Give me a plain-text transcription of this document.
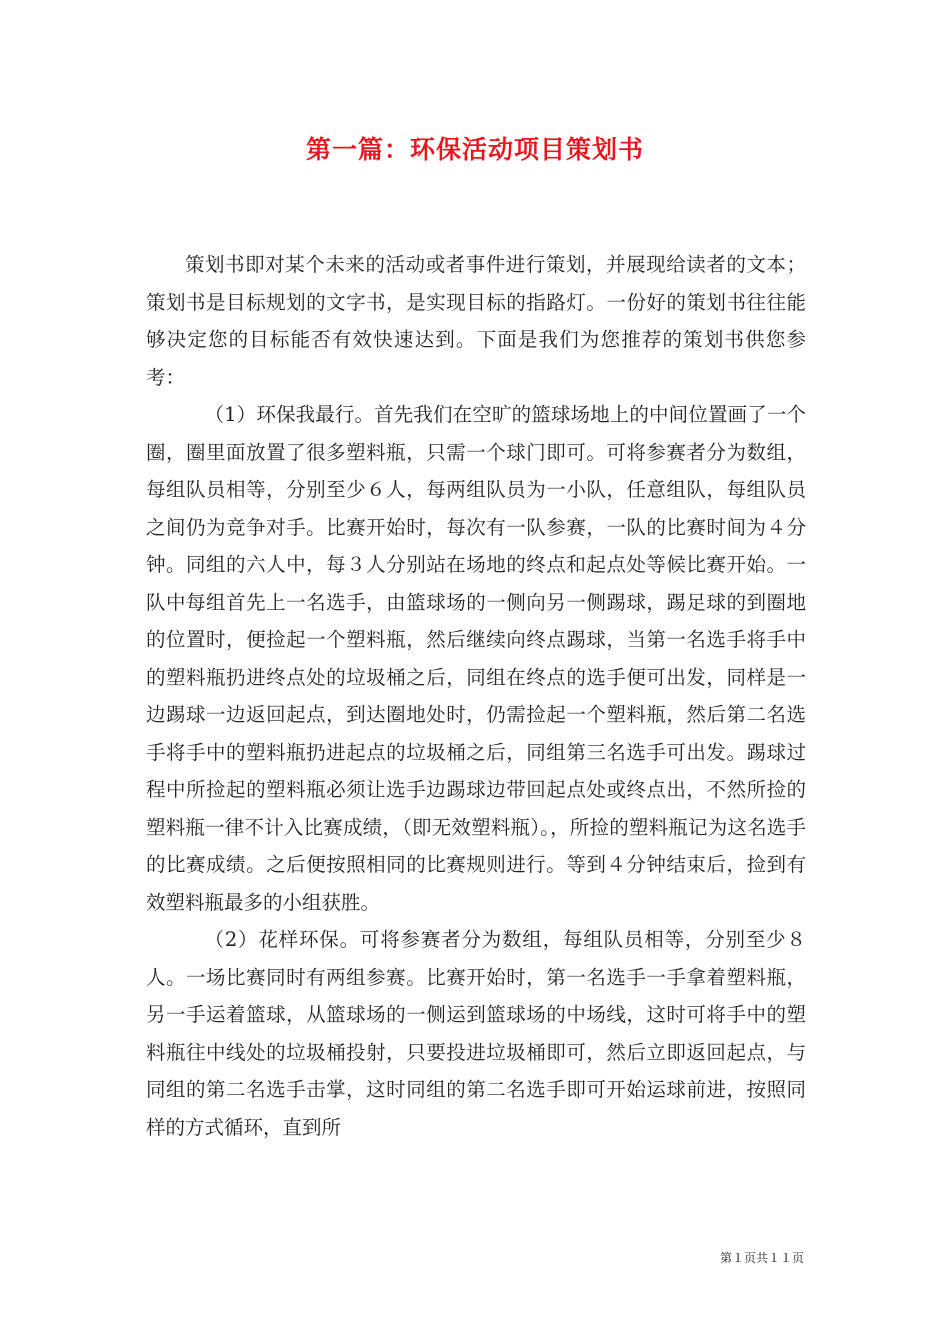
第一篇：环保活动项目策划书

策划书即对某个未来的活动或者事件进行策划，并展现给读者的文本；策划书是目标规划的文字书，是实现目标的指路灯。一份好的策划书往往能够决定您的目标能否有效快速达到。下面是我们为您推荐的策划书供您参考：

（1）环保我最行。首先我们在空旷的篮球场地上的中间位置画了一个圈，圈里面放置了很多塑料瓶，只需一个球门即可。可将参赛者分为数组，每组队员相等，分别至少６人，每两组队员为一小队，任意组队，每组队员之间仍为竞争对手。比赛开始时，每次有一队参赛，一队的比赛时间为４分钟。同组的六人中，每３人分别站在场地的终点和起点处等候比赛开始。一队中每组首先上一名选手，由篮球场的一侧向另一侧踢球，踢足球的到圈地的位置时，便捡起一个塑料瓶，然后继续向终点踢球，当第一名选手将手中的塑料瓶扔进终点处的垃圾桶之后，同组在终点的选手便可出发，同样是一边踢球一边返回起点，到达圈地处时，仍需捡起一个塑料瓶，然后第二名选手将手中的塑料瓶扔进起点的垃圾桶之后，同组第三名选手可出发。踢球过程中所捡起的塑料瓶必须让选手边踢球边带回起点处或终点出，不然所捡的塑料瓶一律不计入比赛成绩，（即无效塑料瓶）。，所捡的塑料瓶记为这名选手的比赛成绩。之后便按照相同的比赛规则进行。等到４分钟结束后，捡到有效塑料瓶最多的小组获胜。

（2）花样环保。可将参赛者分为数组，每组队员相等，分别至少８人。一场比赛同时有两组参赛。比赛开始时，第一名选手一手拿着塑料瓶，另一手运着篮球，从篮球场的一侧运到篮球场的中场线，这时可将手中的塑料瓶往中线处的垃圾桶投射，只要投进垃圾桶即可，然后立即返回起点，与同组的第二名选手击掌，这时同组的第二名选手即可开始运球前进，按照同样的方式循环，直到所

第１页共１１页
